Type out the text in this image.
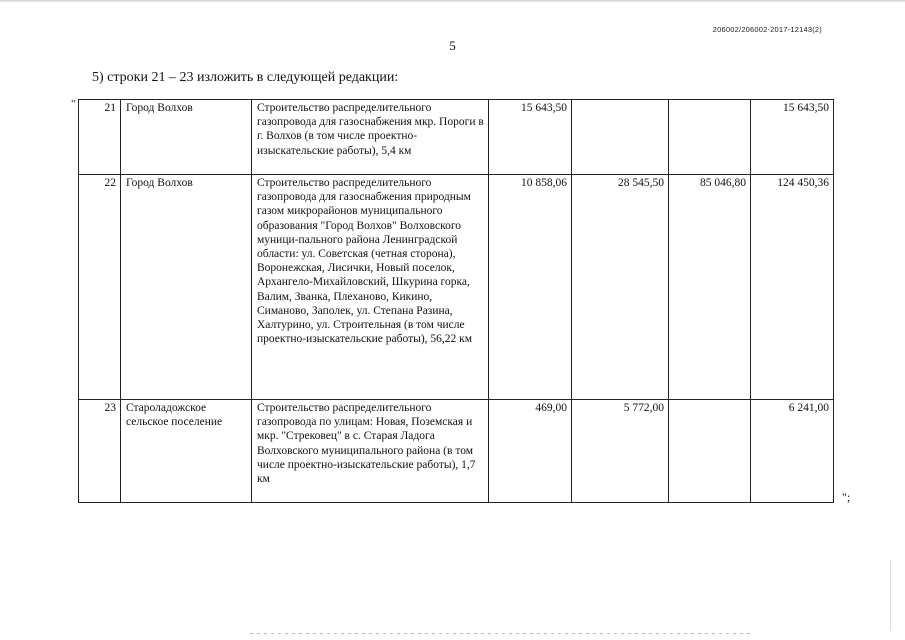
206002/206002-2017-12143(2)
5
5) строки 21 – 23 изложить в следующей редакции:
"	21	Город Волхов	Строительство распределительного газопровода для газоснабжения мкр. Пороги в г. Волхов (в том числе проектно-изыскательские работы), 5,4 км	15 643,50			15 643,50
22	Город Волхов	Строительство распределительного газопровода для газоснабжения природным газом микрорайонов муниципального образования "Город Волхов" Волховского муници-пального района Ленинградской области: ул. Советская (четная сторона), Воронежская, Лисички, Новый поселок, Архангело-Михайловский, Шкурина горка, Валим, Званка, Плеханово, Кикино, Симаново, Заполек, ул. Степана Разина, Халтурино, ул. Строительная (в том числе проектно-изыскательские работы), 56,22 км	10 858,06	28 545,50	85 046,80	124 450,36
23	Староладожское сельское поселение	Строительство распределительного газопровода по улицам: Новая, Поземская и мкр. "Стрековец" в с. Старая Ладога Волховского муниципального района (в том числе проектно-изыскательские работы), 1,7 км	469,00	5 772,00		6 241,00
";
